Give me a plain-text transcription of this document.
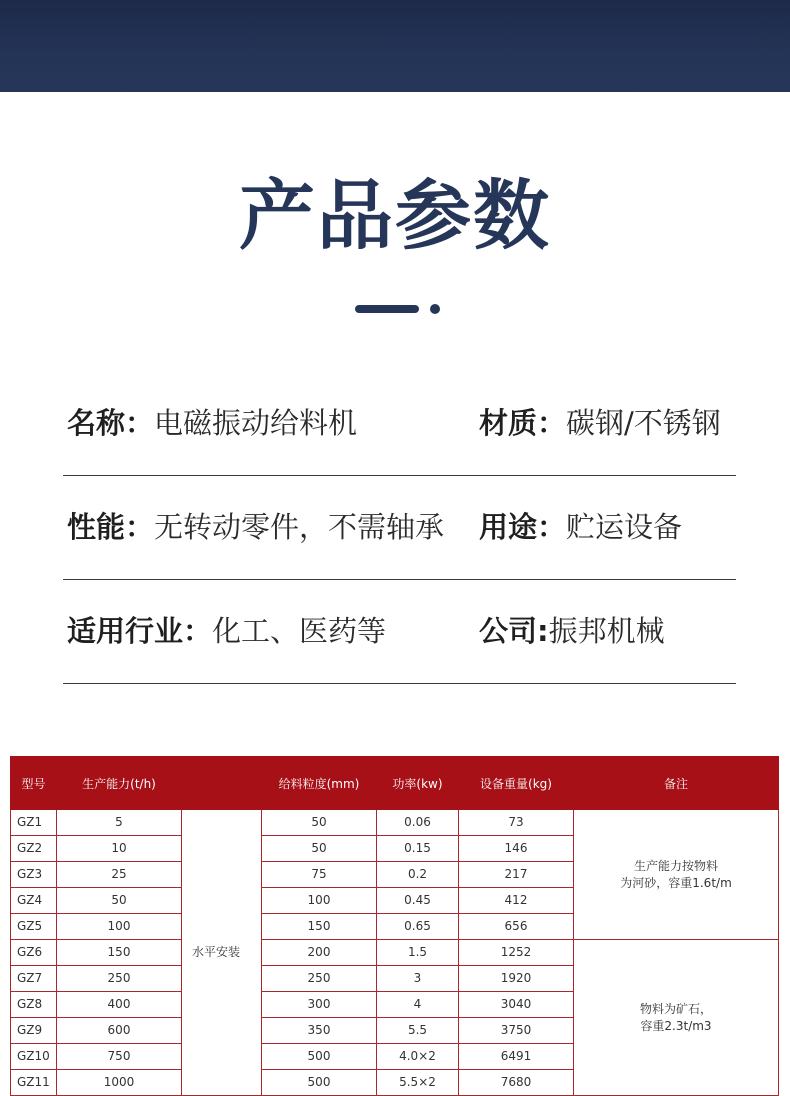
产品参数
名称：电磁振动给料机	材质：碳钢/不锈钢
性能：无转动零件，不需轴承 用途：贮运设备
适用行业：化工、医药等	公司:振邦机械
型号	生产能力(t/h)		给料粒度(mm)	功率(kw)	设备重量(kg)	备注
GZ1	5	水平安装	50	0.06	73	生产能力按物料
为河砂，容重1.6t/m
GZ2	10		50	0.15	146	
GZ3	25		75	0.2	217	
GZ4	50		100	0.45	412	
GZ5	100		150	0.65	656	
GZ6	150		200	1.5	1252	物料为矿石，
容重2.3t/m3
GZ7	250		250	3	1920	
GZ8	400		300	4	3040	
GZ9	600		350	5.5	3750	
GZ10	750		500	4.0×2	6491	
GZ11	1000		500	5.5×2	7680	
